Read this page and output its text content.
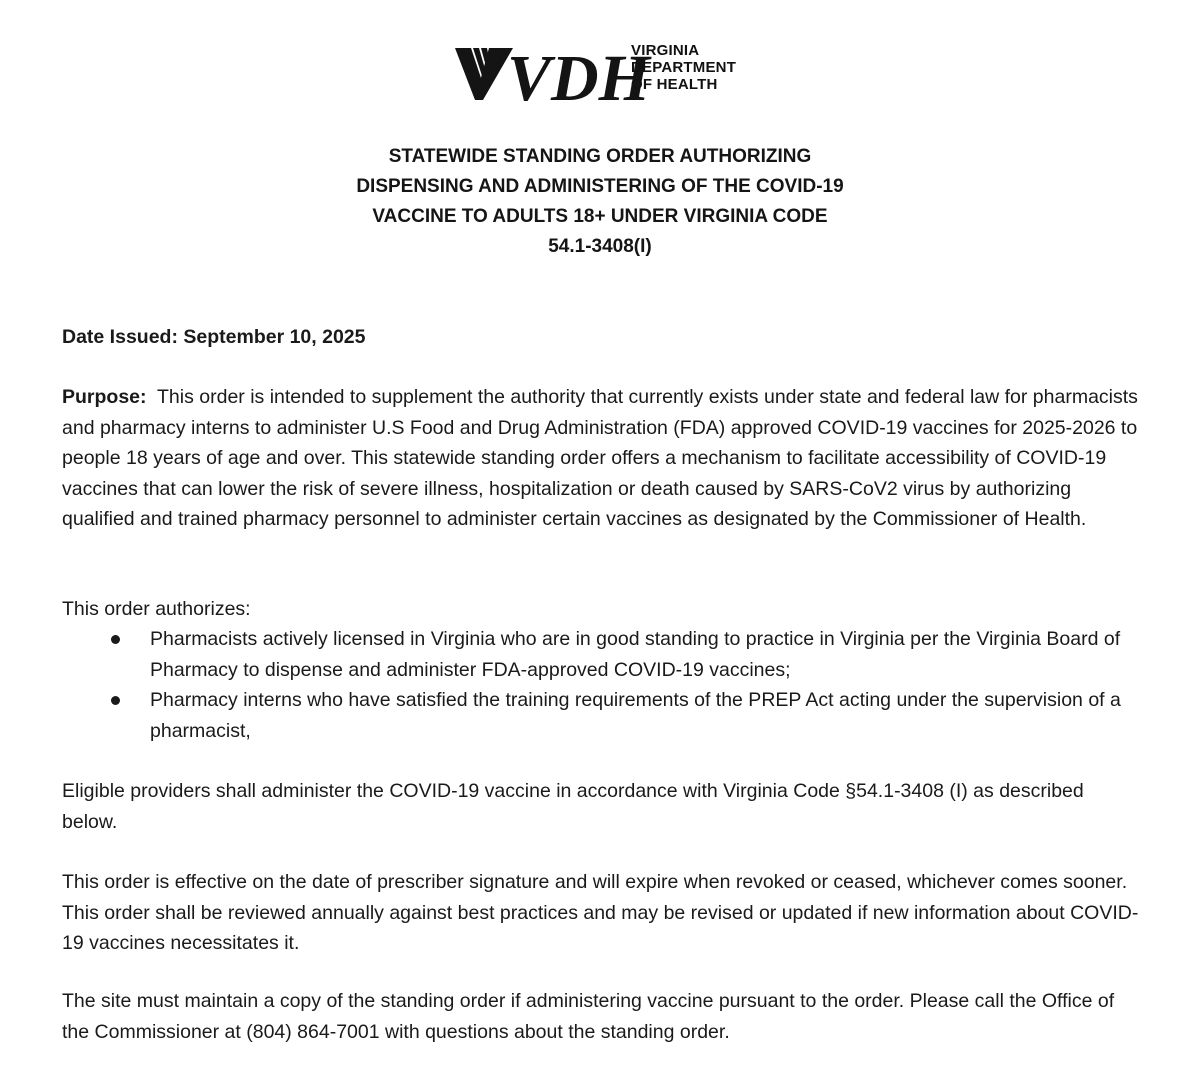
VDH
VIRGINIA
DEPARTMENT
OF HEALTH
STATEWIDE STANDING ORDER AUTHORIZING
DISPENSING AND ADMINISTERING OF THE COVID-19
VACCINE TO ADULTS 18+ UNDER VIRGINIA CODE
54.1-3408(I)
Date Issued: September 10, 2025
Purpose: This order is intended to supplement the authority that currently exists under state and federal law for pharmacists and pharmacy interns to administer U.S Food and Drug Administration (FDA) approved COVID-19 vaccines for 2025-2026 to people 18 years of age and over. This statewide standing order offers a mechanism to facilitate accessibility of COVID-19 vaccines that can lower the risk of severe illness, hospitalization or death caused by SARS-CoV2 virus by authorizing qualified and trained pharmacy personnel to administer certain vaccines as designated by the Commissioner of Health.
This order authorizes:
Pharmacists actively licensed in Virginia who are in good standing to practice in Virginia per the Virginia Board of Pharmacy to dispense and administer FDA-approved COVID-19 vaccines;
Pharmacy interns who have satisfied the training requirements of the PREP Act acting under the supervision of a pharmacist,
Eligible providers shall administer the COVID-19 vaccine in accordance with Virginia Code §54.1-3408 (I) as described below.
This order is effective on the date of prescriber signature and will expire when revoked or ceased, whichever comes sooner. This order shall be reviewed annually against best practices and may be revised or updated if new information about COVID-19 vaccines necessitates it.
The site must maintain a copy of the standing order if administering vaccine pursuant to the order. Please call the Office of the Commissioner at (804) 864-7001 with questions about the standing order.
